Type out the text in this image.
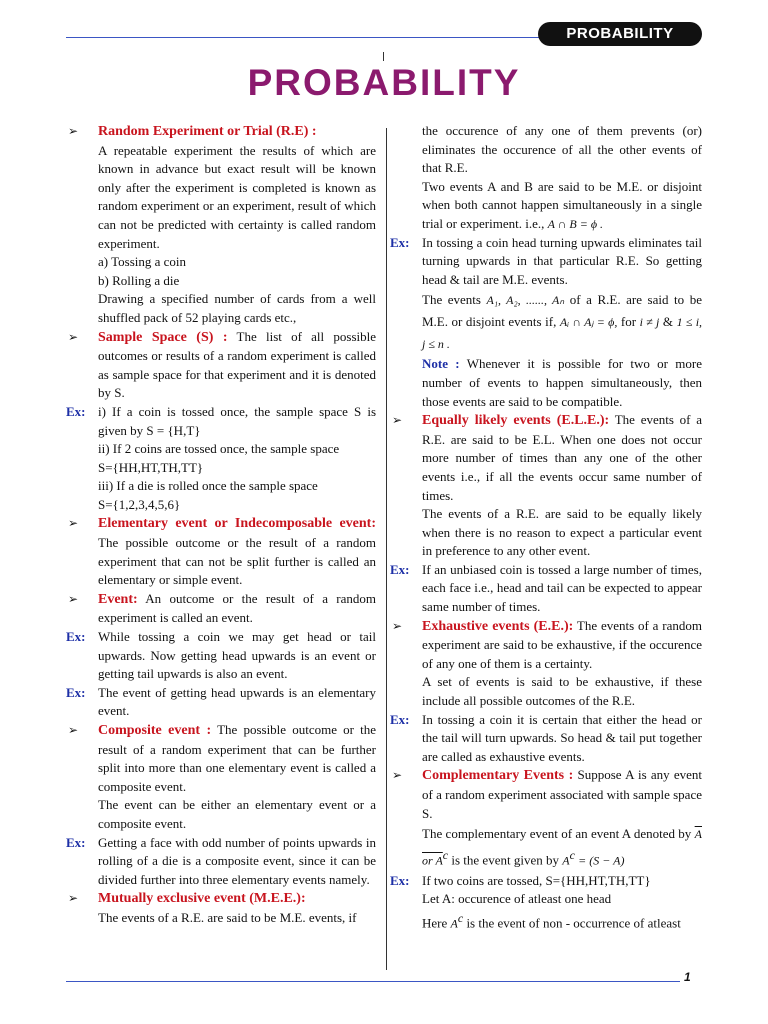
PROBABILITY
PROBABILITY
➢	Random Experiment or Trial (R.E) :
A repeatable experiment the results of which are known in advance but exact result will be known only after the experiment is completed is known as random experiment or an experiment, result of which can not be predicted with certainty is called random experiment.
a) Tossing a coin
b) Rolling a die
Drawing a specified number of cards from a well shuffled pack of 52 playing cards etc.,
➢	Sample Space (S) : The list of all possible outcomes or results of a random experiment is called as sample space for that experiment and it is denoted by S.
Ex: i) If a coin is tossed once, the sample space S is given by S = {H,T}
ii) If 2 coins are tossed once, the sample space
S={HH,HT,TH,TT}
iii) If a die is rolled once the sample space
S={1,2,3,4,5,6}
➢	Elementary event or Indecomposable event: The possible outcome or the result of a random experiment that can not be split further is called an elementary or simple event.
➢	Event: An outcome or the result of a random experiment is called an event.
Ex: While tossing a coin we may get head or tail upwards. Now getting head upwards is an event or getting tail upwards is also an event.
Ex: The event of getting head upwards is an elementary event.
➢	Composite event : The possible outcome or the result of a random experiment that can be further split into more than one elementary event is called a composite event.
The event can be either an elementary event or a composite event.
Ex: Getting a face with odd number of points upwards in rolling of a die is a composite event, since it can be divided further into three elementary events namely.
➢	Mutually exclusive event (M.E.E.):
The events of a R.E. are said to be M.E. events, if
the occurence of any one of them prevents (or) eliminates the occurence of all the other events of that R.E.
Two events A and B are said to be M.E. or disjoint when both cannot happen simultaneously in a single trial or experiment. i.e., A ∩ B = ϕ .
Ex: In tossing a coin head turning upwards eliminates tail turning upwards in that particular R.E. So getting head & tail are M.E. events.
The events A₁, A₂, ......, Aₙ of a R.E. are said to be M.E. or disjoint events if, Aᵢ ∩ Aⱼ = ϕ, for i ≠ j & 1 ≤ i, j ≤ n .
Note : Whenever it is possible for two or more number of events to happen simultaneously, then those events are said to be compatible.
➢	Equally likely events (E.L.E.): The events of a R.E. are said to be E.L. When one does not occur more number of times than any one of the other events i.e., if all the events occur same number of times.
The events of a R.E. are said to be equally likely when there is no reason to expect a particular event in preference to any other event.
Ex: If an unbiased coin is tossed a large number of times, each face i.e., head and tail can be expected to appear same number of times.
➢	Exhaustive events (E.E.): The events of a random experiment are said to be exhaustive, if the occurence of any one of them is a certainty.
A set of events is said to be exhaustive, if these include all possible outcomes of the R.E.
Ex: In tossing a coin it is certain that either the head or the tail will turn upwards. So head & tail put together are called as exhaustive events.
➢	Complementary Events : Suppose A is any event of a random experiment associated with sample space S.
The complementary event of an event A denoted by A or $A^c$ is the event given by $A^c = (S - A)$
Ex: If two coins are tossed, S={HH,HT,TH,TT}
Let A: occurence of atleast one head
Here $A^c$ is the event of non - occurrence of atleast
1
